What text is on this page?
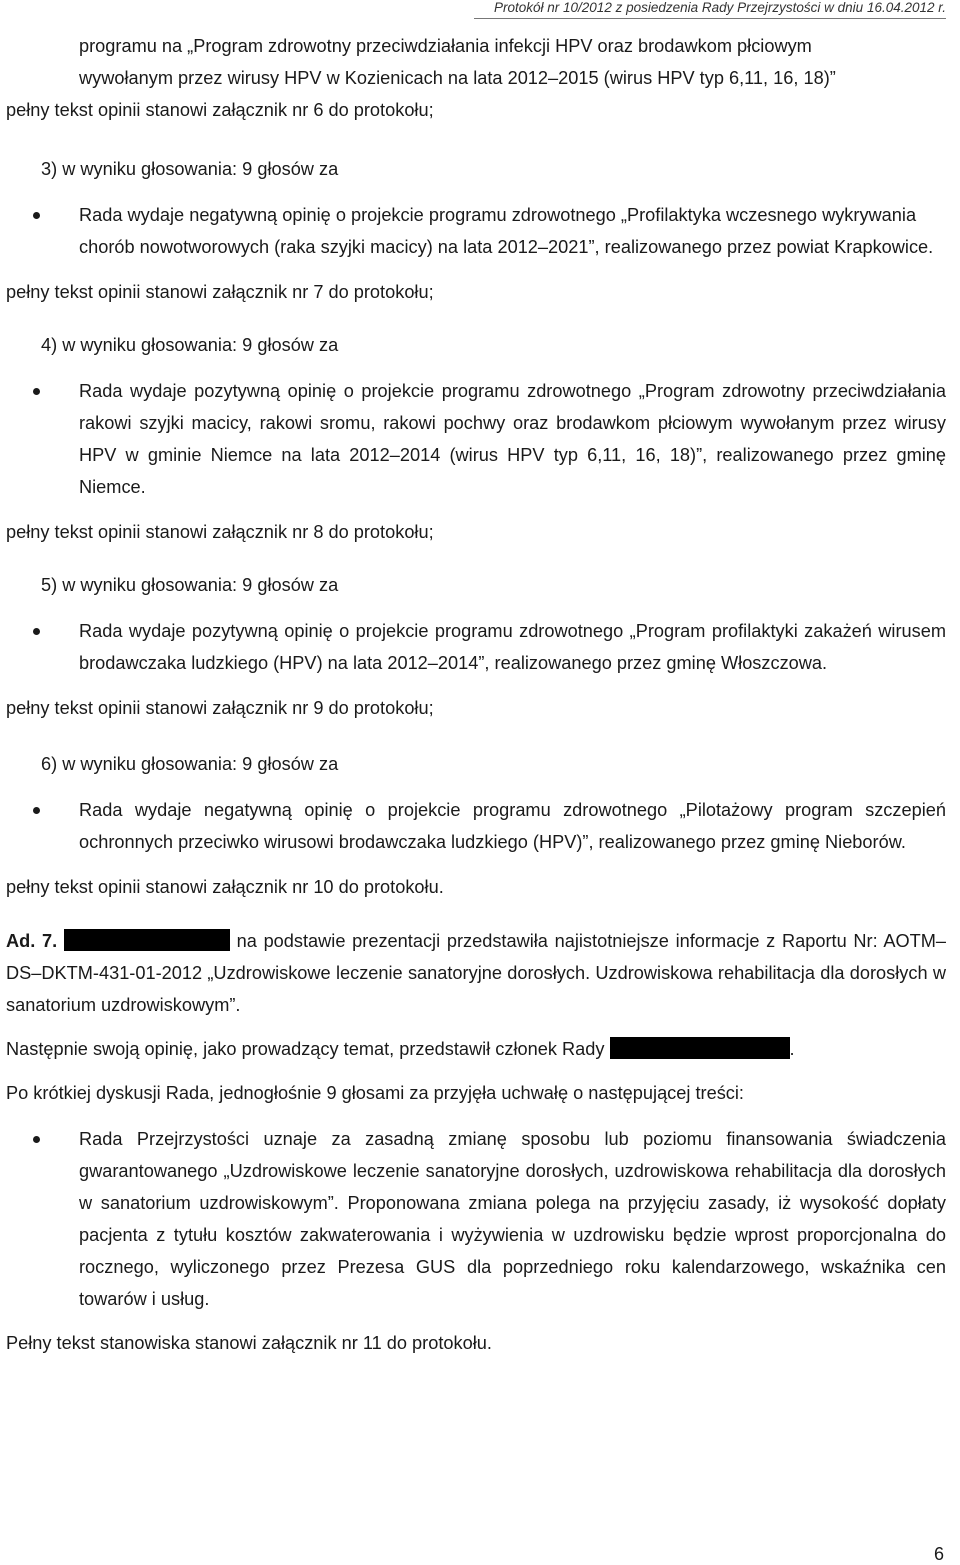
Protokół nr 10/2012 z posiedzenia Rady Przejrzystości w dniu 16.04.2012 r.

programu na „Program zdrowotny przeciwdziałania infekcji HPV oraz brodawkom płciowym

wywołanym przez wirusy HPV w Kozienicach na lata 2012‒2015 (wirus HPV typ 6,11, 16, 18)”

pełny tekst opinii stanowi załącznik nr 6 do protokołu;

3) w wyniku głosowania: 9 głosów za

Rada wydaje negatywną opinię o projekcie programu zdrowotnego „Profilaktyka wczesnego wykrywania chorób nowotworowych (raka szyjki macicy) na lata 2012‒2021”, realizowanego przez powiat Krapkowice.

pełny tekst opinii stanowi załącznik nr 7 do protokołu;

4) w wyniku głosowania: 9 głosów za

Rada wydaje pozytywną opinię o projekcie programu zdrowotnego „Program zdrowotny przeciwdziałania rakowi szyjki macicy, rakowi sromu, rakowi pochwy oraz brodawkom płciowym wywołanym przez wirusy HPV w gminie Niemce na lata 2012‒2014 (wirus HPV typ 6,11, 16, 18)”, realizowanego przez gminę Niemce.

pełny tekst opinii stanowi załącznik nr 8 do protokołu;

5) w wyniku głosowania: 9 głosów za

Rada wydaje pozytywną opinię o projekcie programu zdrowotnego „Program profilaktyki zakażeń wirusem brodawczaka ludzkiego (HPV) na lata 2012‒2014”, realizowanego przez gminę Włoszczowa.

pełny tekst opinii stanowi załącznik nr 9 do protokołu;

6) w wyniku głosowania: 9 głosów za

Rada wydaje negatywną opinię o projekcie programu zdrowotnego „Pilotażowy program szczepień ochronnych przeciwko wirusowi brodawczaka ludzkiego (HPV)”, realizowanego przez gminę Nieborów.

pełny tekst opinii stanowi załącznik nr 10 do protokołu.

Ad. 7.	na podstawie prezentacji przedstawiła najistotniejsze informacje z Raportu Nr: AOTM‒DS‒DKTM-431-01-2012 „Uzdrowiskowe leczenie sanatoryjne dorosłych. Uzdrowiskowa rehabilitacja dla dorosłych w sanatorium uzdrowiskowym”.

Następnie swoją opinię, jako prowadzący temat, przedstawił członek Rady	.

Po krótkiej dyskusji Rada, jednogłośnie 9 głosami za przyjęła uchwałę o następującej treści:

Rada Przejrzystości uznaje za zasadną zmianę sposobu lub poziomu finansowania świadczenia gwarantowanego „Uzdrowiskowe leczenie sanatoryjne dorosłych, uzdrowiskowa rehabilitacja dla dorosłych w sanatorium uzdrowiskowym”. Proponowana zmiana polega na przyjęciu zasady, iż wysokość dopłaty pacjenta z tytułu kosztów zakwaterowania i wyżywienia w uzdrowisku będzie wprost proporcjonalna do rocznego, wyliczonego przez Prezesa GUS dla poprzedniego roku kalendarzowego, wskaźnika cen towarów i usług.

Pełny tekst stanowiska stanowi załącznik nr 11 do protokołu.

6
